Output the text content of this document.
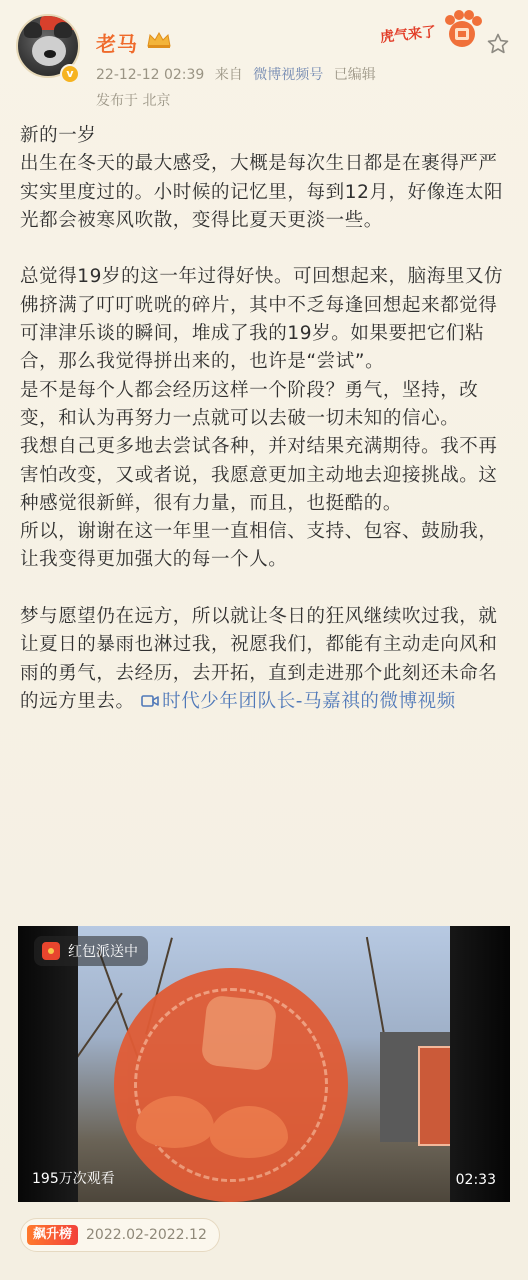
v
老马
22-12-12 02:39 来自 微博视频号 已编辑
发布于 北京
虎气来了

新的一岁

出生在冬天的最大感受，大概是每次生日都是在裹得严严实实里度过的。小时候的记忆里，每到12月，好像连太阳光都会被寒风吹散，变得比夏天更淡一些。

总觉得19岁的这一年过得好快。可回想起来，脑海里又仿佛挤满了叮叮咣咣的碎片，其中不乏每逢回想起来都觉得可津津乐谈的瞬间，堆成了我的19岁。如果要把它们粘合，那么我觉得拼出来的，也许是“尝试”。

是不是每个人都会经历这样一个阶段？勇气，坚持，改变，和认为再努力一点就可以去破一切未知的信心。

我想自己更多地去尝试各种，并对结果充满期待。我不再害怕改变，又或者说，我愿意更加主动地去迎接挑战。这种感觉很新鲜，很有力量，而且，也挺酷的。

所以，谢谢在这一年里一直相信、支持、包容、鼓励我，让我变得更加强大的每一个人。

梦与愿望仍在远方，所以就让冬日的狂风继续吹过我，就让夏日的暴雨也淋过我，祝愿我们，都能有主动走向风和雨的勇气，去经历，去开拓，直到走进那个此刻还未命名的远方里去。 时代少年团队长-马嘉祺的微博视频

红包派送中
195万次观看	02:33
飙升榜	2022.02-2022.12
